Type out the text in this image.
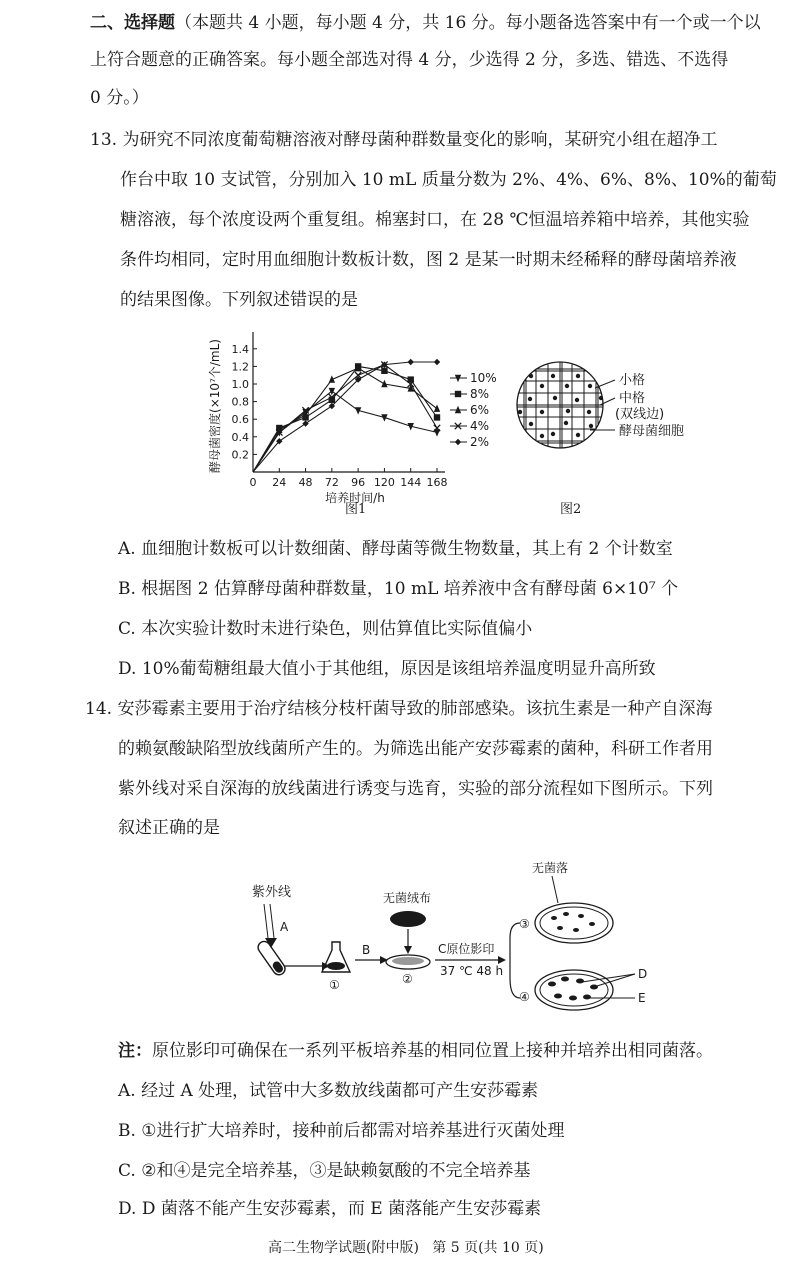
二、选择题（本题共 4 小题，每小题 4 分，共 16 分。每小题备选答案中有一个或一个以
上符合题意的正确答案。每小题全部选对得 4 分，少选得 2 分，多选、错选、不选得
0 分。）
13. 为研究不同浓度葡萄糖溶液对酵母菌种群数量变化的影响，某研究小组在超净工
作台中取 10 支试管，分别加入 10 mL 质量分数为 2%、4%、6%、8%、10%的葡萄
糖溶液，每个浓度设两个重复组。棉塞封口，在 28 ℃恒温培养箱中培养，其他实验
条件均相同，定时用血细胞计数板计数，图 2 是某一时期未经稀释的酵母菌培养液
的结果图像。下列叙述错误的是
0.2
0.4
0.6
0.8
1.0
1.2
1.4
0 24 48 72 96 120 144 168
培养时间/h
酵母菌密度(×10⁷个/mL)	10%
8%
6%
4%
2%
小格
中格
(双线边)
酵母菌细胞
图1	图2
A. 血细胞计数板可以计数细菌、酵母菌等微生物数量，其上有 2 个计数室
B. 根据图 2 估算酵母菌种群数量，10 mL 培养液中含有酵母菌 6×10⁷ 个
C. 本次实验计数时未进行染色，则估算值比实际值偏小
D. 10%葡萄糖组最大值小于其他组，原因是该组培养温度明显升高所致
14. 安莎霉素主要用于治疗结核分枝杆菌导致的肺部感染。该抗生素是一种产自深海
的赖氨酸缺陷型放线菌所产生的。为筛选出能产安莎霉素的菌种，科研工作者用
紫外线对采自深海的放线菌进行诱变与选育，实验的部分流程如下图所示。下列
叙述正确的是
紫外线
A
①
B
无菌绒布
②
C原位影印
37 ℃ 48 h
无菌落
③
④
D
E
注：原位影印可确保在一系列平板培养基的相同位置上接种并培养出相同菌落。
A. 经过 A 处理，试管中大多数放线菌都可产生安莎霉素
B. ①进行扩大培养时，接种前后都需对培养基进行灭菌处理
C. ②和④是完全培养基，③是缺赖氨酸的不完全培养基
D. D 菌落不能产生安莎霉素，而 E 菌落能产生安莎霉素
高二生物学试题(附中版)   第 5 页(共 10 页)
